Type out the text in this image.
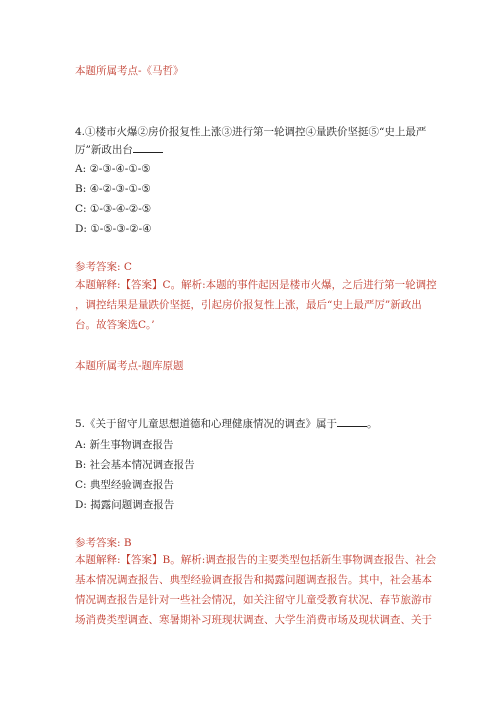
本题所属考点-《马哲》
4.①楼市火爆②房价报复性上涨③进行第一轮调控④量跌价坚挺⑤“史上最严
厉”新政出台
A: ②-③-④-①-⑤
B: ④-②-③-①-⑤
C: ①-③-④-②-⑤
D: ①-⑤-③-②-④
参考答案: C
本题解释:【答案】C。解析:本题的事件起因是楼市火爆，之后进行第一轮调控
，调控结果是量跌价坚挺，引起房价报复性上涨，最后“史上最严厉”新政出
台。故答案选C。’
本题所属考点-题库原题
5.《关于留守儿童思想道德和心理健康情况的调查》属于	。
A: 新生事物调查报告
B: 社会基本情况调查报告
C: 典型经验调查报告
D: 揭露问题调查报告
参考答案: B
本题解释:【答案】B。解析:调查报告的主要类型包括新生事物调查报告、社会
基本情况调查报告、典型经验调查报告和揭露问题调查报告。其中，社会基本
情况调查报告是针对一些社会情况，如关注留守儿童受教育状况、春节旅游市
场消费类型调查、寒暑期补习班现状调查、大学生消费市场及现状调查、关于
